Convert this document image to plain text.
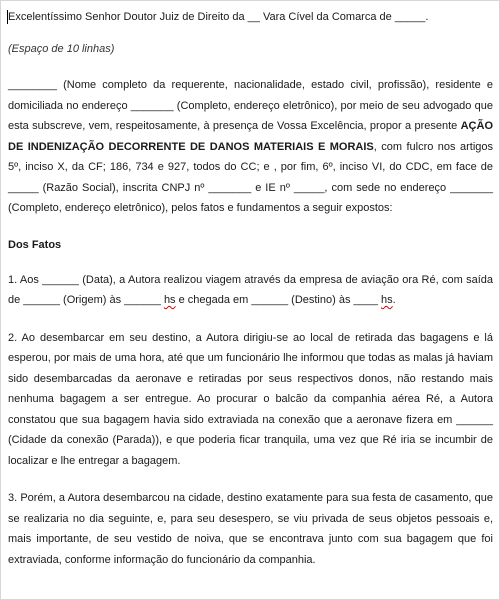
Excelentíssimo Senhor Doutor Juiz de Direito da __ Vara Cível da Comarca de _____.

(Espaço de 10 linhas)

________ (Nome completo da requerente, nacionalidade, estado civil, profissão), residente e domiciliada no endereço _______ (Completo, endereço eletrônico), por meio de seu advogado que esta subscreve, vem, respeitosamente, à presença de Vossa Excelência, propor a presente AÇÃO DE INDENIZAÇÃO DECORRENTE DE DANOS MATERIAIS E MORAIS, com fulcro nos artigos 5º, inciso X, da CF; 186, 734 e 927, todos do CC; e , por fim, 6º, inciso VI, do CDC, em face de _____ (Razão Social), inscrita CNPJ nº _______ e IE nº _____, com sede no endereço _______ (Completo, endereço eletrônico), pelos fatos e fundamentos a seguir expostos:

Dos Fatos

1. Aos ______ (Data), a Autora realizou viagem através da empresa de aviação ora Ré, com saída de ______ (Origem) às ______ hs e chegada em ______ (Destino) às ____ hs.

2. Ao desembarcar em seu destino, a Autora dirigiu-se ao local de retirada das bagagens e lá esperou, por mais de uma hora, até que um funcionário lhe informou que todas as malas já haviam sido desembarcadas da aeronave e retiradas por seus respectivos donos, não restando mais nenhuma bagagem a ser entregue. Ao procurar o balcão da companhia aérea Ré, a Autora constatou que sua bagagem havia sido extraviada na conexão que a aeronave fizera em ______ (Cidade da conexão (Parada)), e que poderia ficar tranquila, uma vez que Ré iria se incumbir de localizar e lhe entregar a bagagem.

3. Porém, a Autora desembarcou na cidade, destino exatamente para sua festa de casamento, que se realizaria no dia seguinte, e, para seu desespero, se viu privada de seus objetos pessoais e, mais importante, de seu vestido de noiva, que se encontrava junto com sua bagagem que foi extraviada, conforme informação do funcionário da companhia.
